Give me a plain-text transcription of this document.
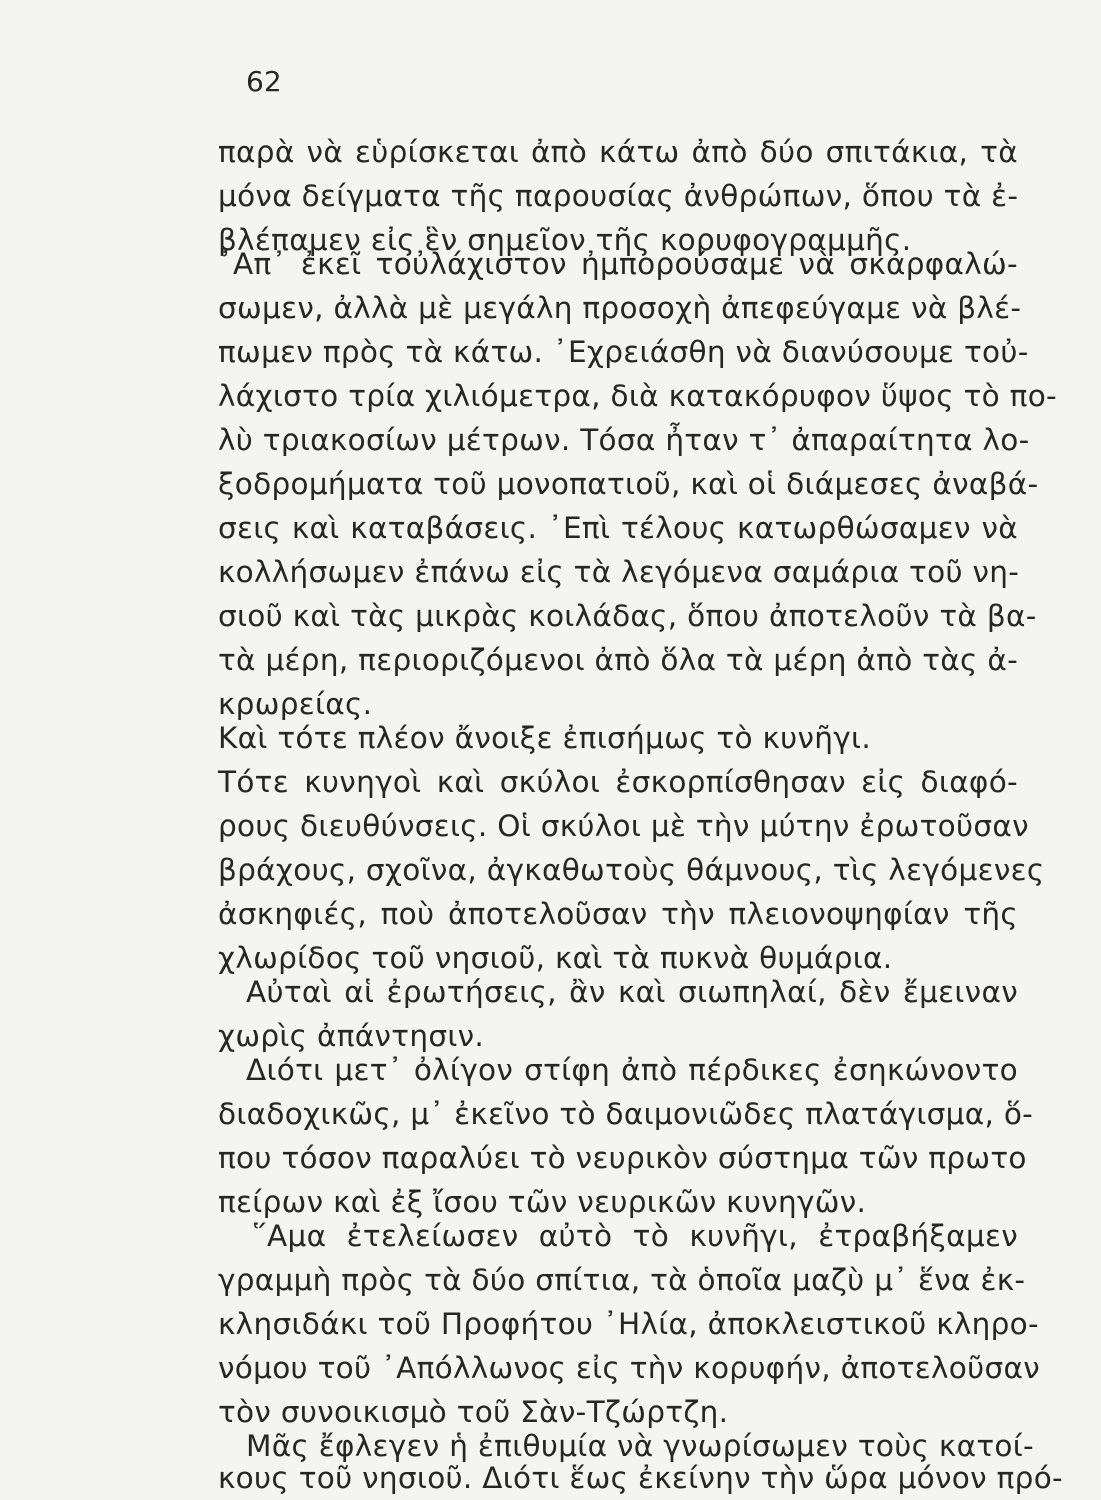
62
παρὰ νὰ εὑρίσκεται ἀπὸ κάτω ἀπὸ δύο σπιτάκια, τὰ
μόνα δείγματα τῆς παρουσίας ἀνθρώπων, ὅπου τὰ ἐ-
βλέπαμεν εἰς ἓν σημεῖον τῆς κορυφογραμμῆς.
᾿Απ᾿ ἐκεῖ τοὐλάχιστον ἠμπορούσαμε νὰ σκαρφαλώ-
σωμεν, ἀλλὰ μὲ μεγάλη προσοχὴ ἀπεφεύγαμε νὰ βλέ-
πωμεν πρὸς τὰ κάτω. ᾿Εχρειάσθη νὰ διανύσουμε τοὐ-
λάχιστο τρία χιλιόμετρα, διὰ κατακόρυφον ὕψος τὸ πο-
λὺ τριακοσίων μέτρων. Τόσα ἦταν τ᾿ ἀπαραίτητα λο-
ξοδρομήματα τοῦ μονοπατιοῦ, καὶ οἱ διάμεσες ἀναβά-
σεις καὶ καταβάσεις. ᾿Επὶ τέλους κατωρθώσαμεν νὰ
κολλήσωμεν ἐπάνω εἰς τὰ λεγόμενα σαμάρια τοῦ νη-
σιοῦ καὶ τὰς μικρὰς κοιλάδας, ὅπου ἀποτελοῦν τὰ βα-
τὰ μέρη, περιοριζόμενοι ἀπὸ ὅλα τὰ μέρη ἀπὸ τὰς ἀ-
κρωρείας.
Καὶ τότε πλέον ἄνοιξε ἐπισήμως τὸ κυνῆγι.
Τότε κυνηγοὶ καὶ σκύλοι ἐσκορπίσθησαν εἰς διαφό-
ρους διευθύνσεις. Οἱ σκύλοι μὲ τὴν μύτην ἐρωτοῦσαν
βράχους, σχοῖνα, ἀγκαθωτοὺς θάμνους, τὶς λεγόμενες
ἀσκηφιές, ποὺ ἀποτελοῦσαν τὴν πλειονοψηφίαν τῆς
χλωρίδος τοῦ νησιοῦ, καὶ τὰ πυκνὰ θυμάρια.
Αὐταὶ αἱ ἐρωτήσεις, ἂν καὶ σιωπηλαί, δὲν ἔμειναν
χωρὶς ἀπάντησιν.
Διότι μετ᾿ ὀλίγον στίφη ἀπὸ πέρδικες ἐσηκώνοντο
διαδοχικῶς, μ᾿ ἐκεῖνο τὸ δαιμονιῶδες πλατάγισμα, ὅ-
που τόσον παραλύει τὸ νευρικὸν σύστημα τῶν πρωτο
πείρων καὶ ἐξ ἴσου τῶν νευρικῶν κυνηγῶν.
῞Αμα ἐτελείωσεν αὐτὸ τὸ κυνῆγι, ἐτραβήξαμεν
γραμμὴ πρὸς τὰ δύο σπίτια, τὰ ὁποῖα μαζὺ μ᾿ ἕνα ἐκ-
κλησιδάκι τοῦ Προφήτου ᾿Ηλία, ἀποκλειστικοῦ κληρο-
νόμου τοῦ ᾿Απόλλωνος εἰς τὴν κορυφήν, ἀποτελοῦσαν
τὸν συνοικισμὸ τοῦ Σὰν-Τζώρτζη.
Μᾶς ἔφλεγεν ἡ ἐπιθυμία νὰ γνωρίσωμεν τοὺς κατοί-
κους τοῦ νησιοῦ. Διότι ἕως ἐκείνην τὴν ὥρα μόνον πρό-
